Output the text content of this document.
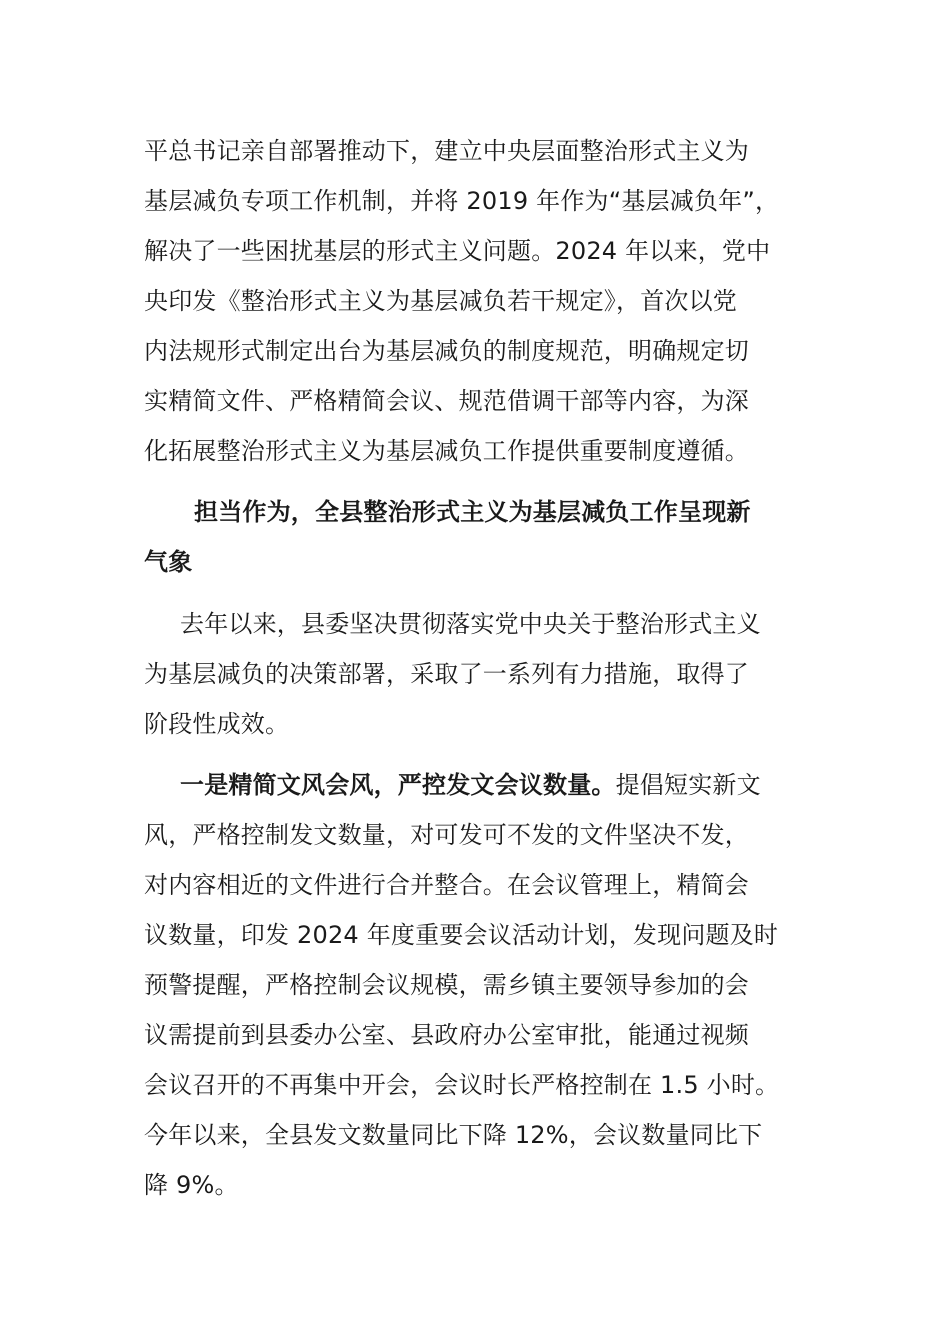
平总书记亲自部署推动下，建立中央层面整治形式主义为
基层减负专项工作机制，并将 2019 年作为“基层减负年”，
解决了一些困扰基层的形式主义问题。2024 年以来，党中
央印发《整治形式主义为基层减负若干规定》，首次以党
内法规形式制定出台为基层减负的制度规范，明确规定切
实精简文件、严格精简会议、规范借调干部等内容，为深
化拓展整治形式主义为基层减负工作提供重要制度遵循。
担当作为，全县整治形式主义为基层减负工作呈现新
气象
去年以来，县委坚决贯彻落实党中央关于整治形式主义
为基层减负的决策部署，采取了一系列有力措施，取得了
阶段性成效。
一是精简文风会风，严控发文会议数量。提倡短实新文
风，严格控制发文数量，对可发可不发的文件坚决不发，
对内容相近的文件进行合并整合。在会议管理上，精简会
议数量，印发 2024 年度重要会议活动计划，发现问题及时
预警提醒，严格控制会议规模，需乡镇主要领导参加的会
议需提前到县委办公室、县政府办公室审批，能通过视频
会议召开的不再集中开会，会议时长严格控制在 1.5 小时。
今年以来，全县发文数量同比下降 12%，会议数量同比下
降 9%。
